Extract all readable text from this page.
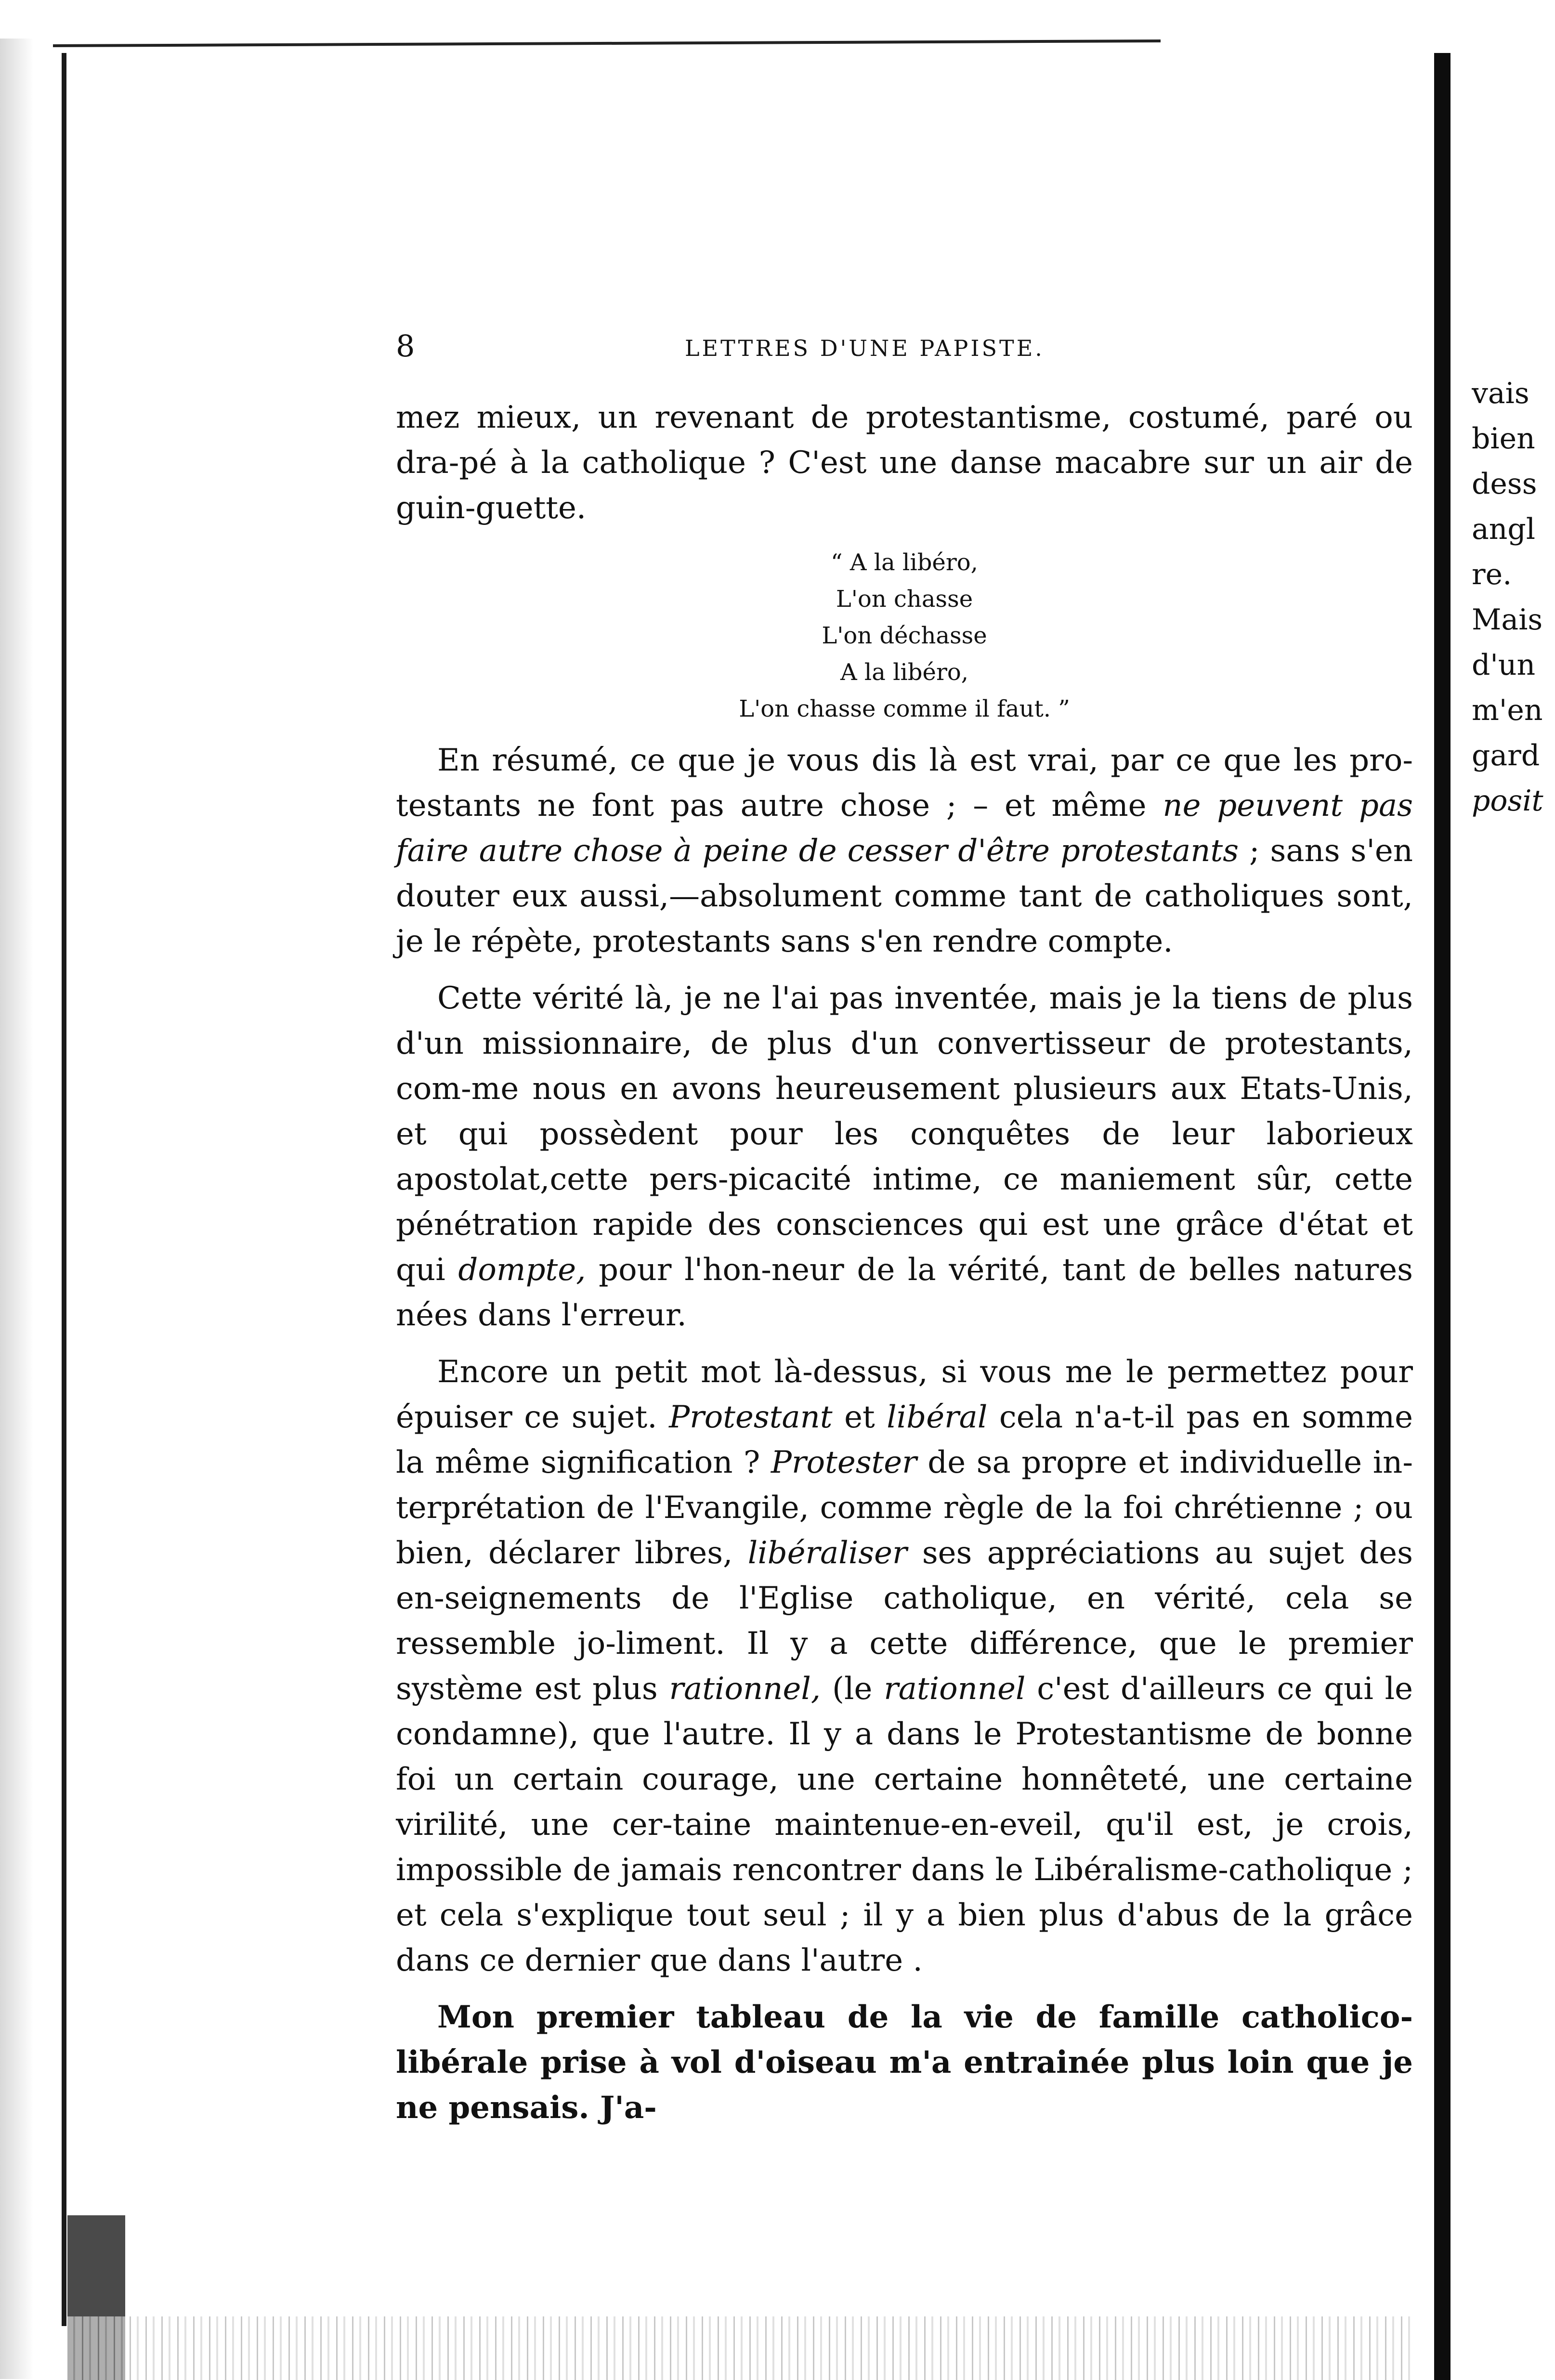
8	LETTRES D'UNE PAPISTE.

mez mieux, un revenant de protestantisme, costumé, paré ou dra-pé à la catholique ? C'est une danse macabre sur un air de guin-guette.

“ A la libéro,
L'on chasse
L'on déchasse
A la libéro,
L'on chasse comme il faut. ”

En résumé, ce que je vous dis là est vrai, par ce que les pro-testants ne font pas autre chose ; – et même ne peuvent pas faire autre chose à peine de cesser d'être protestants ; sans s'en douter eux aussi,—absolument comme tant de catholiques sont, je le répète, protestants sans s'en rendre compte.

Cette vérité là, je ne l'ai pas inventée, mais je la tiens de plus d'un missionnaire, de plus d'un convertisseur de protestants, com-me nous en avons heureusement plusieurs aux Etats-Unis, et qui possèdent pour les conquêtes de leur laborieux apostolat,cette pers-picacité intime, ce maniement sûr, cette pénétration rapide des consciences qui est une grâce d'état et qui dompte, pour l'hon-neur de la vérité, tant de belles natures nées dans l'erreur.

Encore un petit mot là-dessus, si vous me le permettez pour épuiser ce sujet. Protestant et libéral cela n'a-t-il pas en somme la même signification ? Protester de sa propre et individuelle in-terprétation de l'Evangile, comme règle de la foi chrétienne ; ou bien, déclarer libres, libéraliser ses appréciations au sujet des en-seignements de l'Eglise catholique, en vérité, cela se ressemble jo-liment. Il y a cette différence, que le premier système est plus rationnel, (le rationnel c'est d'ailleurs ce qui le condamne), que l'autre. Il y a dans le Protestantisme de bonne foi un certain courage, une certaine honnêteté, une certaine virilité, une cer-taine maintenue-en-eveil, qu'il est, je crois, impossible de jamais rencontrer dans le Libéralisme-catholique ; et cela s'explique tout seul ; il y a bien plus d'abus de la grâce dans ce dernier que dans l'autre .

Mon premier tableau de la vie de famille catholico-libérale prise à vol d'oiseau m'a entrainée plus loin que je ne pensais. J'a-

vais
bien
dess
angl
re.
Mais
d'un
m'en
gard
posit
